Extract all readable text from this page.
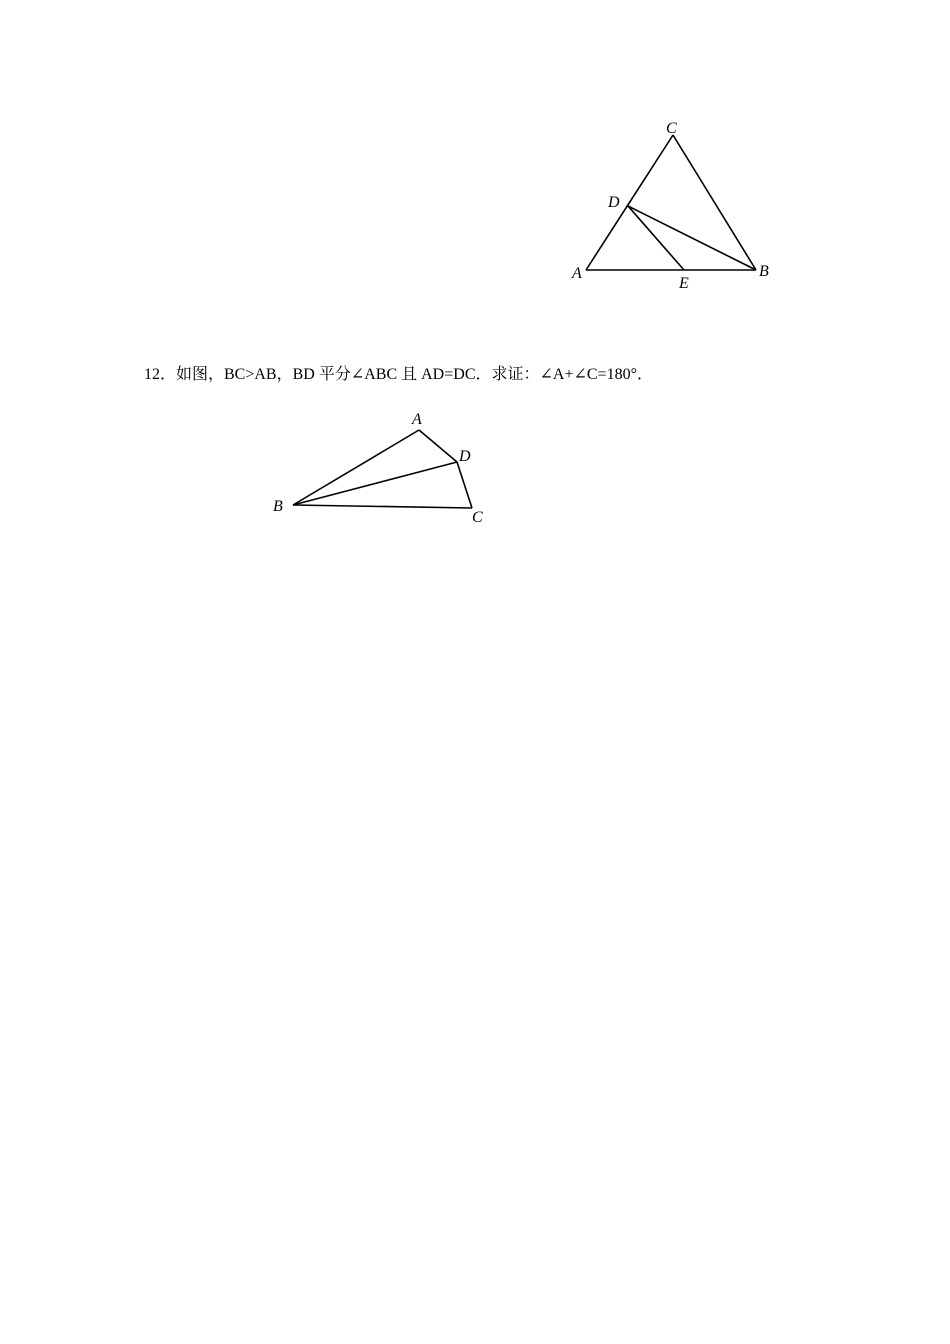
C
D
A
E
B
12．如图，BC>AB，BD 平分∠ABC 且 AD=DC．求证：∠A+∠C=180°．
A
D
B
C
